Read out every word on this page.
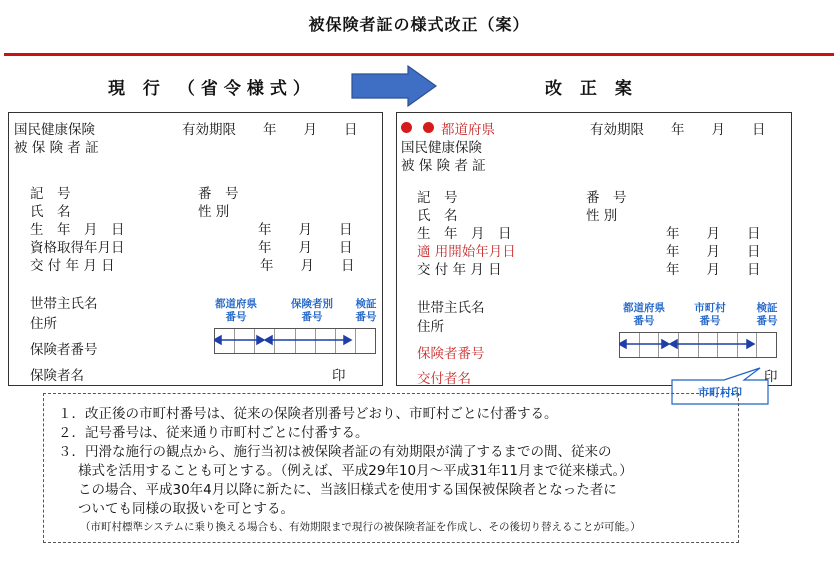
被保険者証の様式改正（案）
現 行 （省令様式）	改 正 案
国民健康保険	有効期限　　年　　月　　日
被 保 険 者 証
記　号	番　号
氏　名	性 別
生　年　月　日	年　　月　　日
資格取得年月日	年　　月　　日
交 付 年 月 日	年　　月　　日
世帯主氏名
住所
保険者番号
保険者名	印
都道府県
番号
保険者別
番号
検証
番号
都道府県	有効期限　　年　　月　　日
国民健康保険
被 保 険 者 証
記　号	番　号
氏　名	性 別
生　年　月　日	年　　月　　日
適 用開始年月日	年　　月　　日
交 付 年 月 日	年　　月　　日
世帯主氏名
住所
保険者番号
交付者名	印
都道府県
番号
市町村
番号
検証
番号
市町村印
１．改正後の市町村番号は、従来の保険者別番号どおり、市町村ごとに付番する。
２．記号番号は、従来通り市町村ごとに付番する。
３．円滑な施行の観点から、施行当初は被保険者証の有効期限が満了するまでの間、従来の
様式を活用することも可とする。（例えば、平成29年10月～平成31年11月まで従来様式。）
この場合、平成30年4月以降に新たに、当該旧様式を使用する国保被保険者となった者に
ついても同様の取扱いを可とする。
（市町村標準システムに乗り換える場合も、有効期限まで現行の被保険者証を作成し、その後切り替えることが可能。）
